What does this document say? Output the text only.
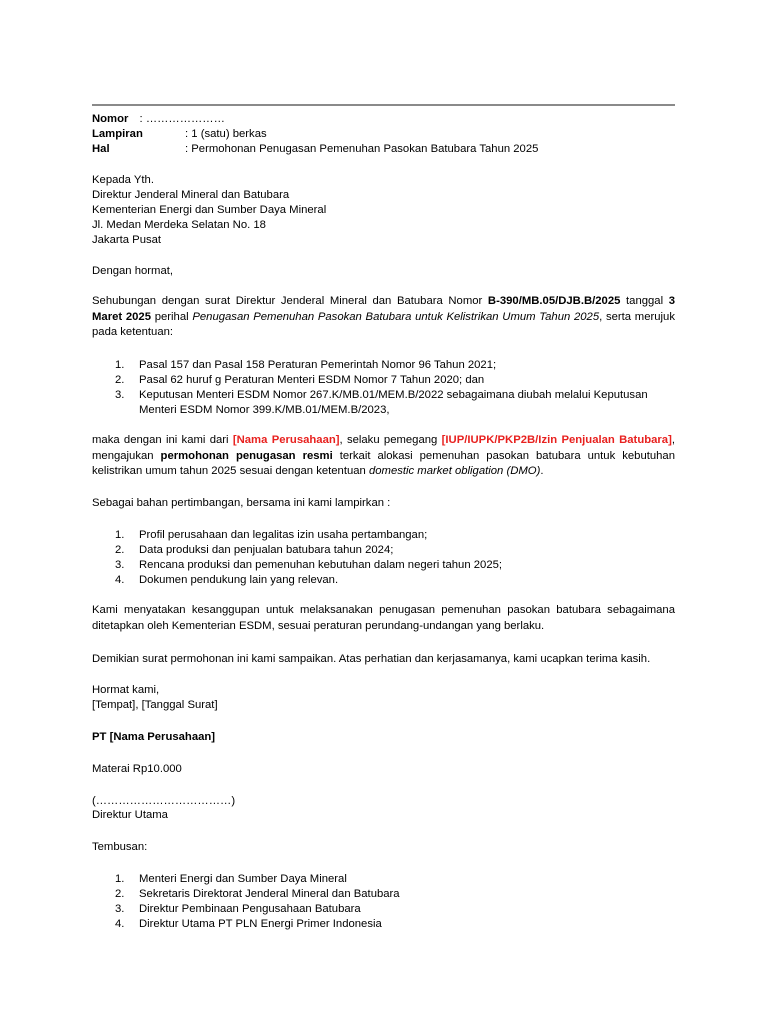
Nomor : …………………
Lampiran	: 1 (satu) berkas
Hal	: Permohonan Penugasan Pemenuhan Pasokan Batubara Tahun 2025
Kepada Yth.
Direktur Jenderal Mineral dan Batubara
Kementerian Energi dan Sumber Daya Mineral
Jl. Medan Merdeka Selatan No. 18
Jakarta Pusat
Dengan hormat,
Sehubungan dengan surat Direktur Jenderal Mineral dan Batubara Nomor B-390/MB.05/DJB.B/2025 tanggal 3 Maret 2025 perihal Penugasan Pemenuhan Pasokan Batubara untuk Kelistrikan Umum Tahun 2025, serta merujuk pada ketentuan:
1. Pasal 157 dan Pasal 158 Peraturan Pemerintah Nomor 96 Tahun 2021;
2. Pasal 62 huruf g Peraturan Menteri ESDM Nomor 7 Tahun 2020; dan
3. Keputusan Menteri ESDM Nomor 267.K/MB.01/MEM.B/2022 sebagaimana diubah melalui Keputusan
Menteri ESDM Nomor 399.K/MB.01/MEM.B/2023,
maka dengan ini kami dari [Nama Perusahaan], selaku pemegang [IUP/IUPK/PKP2B/Izin Penjualan Batubara], mengajukan permohonan penugasan resmi terkait alokasi pemenuhan pasokan batubara untuk kebutuhan kelistrikan umum tahun 2025 sesuai dengan ketentuan domestic market obligation (DMO).
Sebagai bahan pertimbangan, bersama ini kami lampirkan :
1. Profil perusahaan dan legalitas izin usaha pertambangan;
2. Data produksi dan penjualan batubara tahun 2024;
3. Rencana produksi dan pemenuhan kebutuhan dalam negeri tahun 2025;
4. Dokumen pendukung lain yang relevan.
Kami menyatakan kesanggupan untuk melaksanakan penugasan pemenuhan pasokan batubara sebagaimana ditetapkan oleh Kementerian ESDM, sesuai peraturan perundang-undangan yang berlaku.
Demikian surat permohonan ini kami sampaikan. Atas perhatian dan kerjasamanya, kami ucapkan terima kasih.
Hormat kami,
[Tempat], [Tanggal Surat]
PT [Nama Perusahaan]
Materai Rp10.000
(………………………………)
Direktur Utama
Tembusan:
1. Menteri Energi dan Sumber Daya Mineral
2. Sekretaris Direktorat Jenderal Mineral dan Batubara
3. Direktur Pembinaan Pengusahaan Batubara
4. Direktur Utama PT PLN Energi Primer Indonesia
